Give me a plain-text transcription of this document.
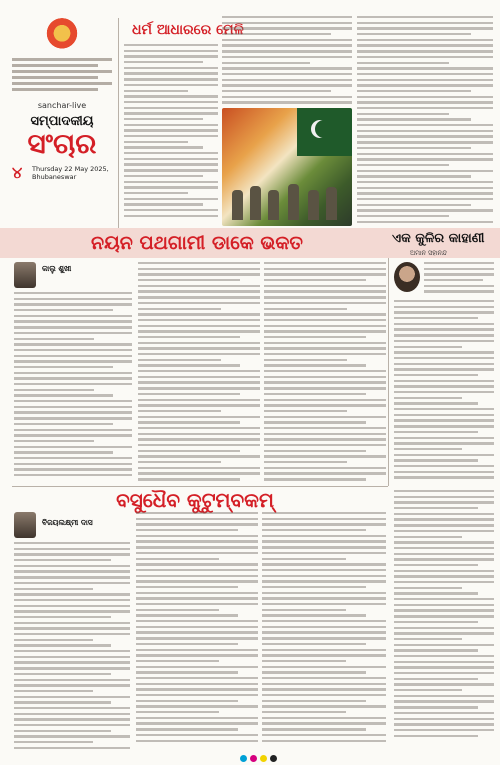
sanchar-live
ସମ୍ପାଦକୀୟ
ସଂଚାର
୪	Thursday 22 May 2025,
Bhubaneswar
ଧର୍ମ ଆଧାରରେ ମେଳି
ନୟନ ପଥଗାମୀ ଡାକେ ଭକତ	ଏକ କୁଳିର କାହାଣୀ
ଅମାନ ସହାନନ୍ଦ
କାଲୁ ଶୁଖୀ
ବସୁଧୈବ କୁଟୁମ୍ବକମ୍
ବିଜୟଲକ୍ଷ୍ମୀ ଦାସ
